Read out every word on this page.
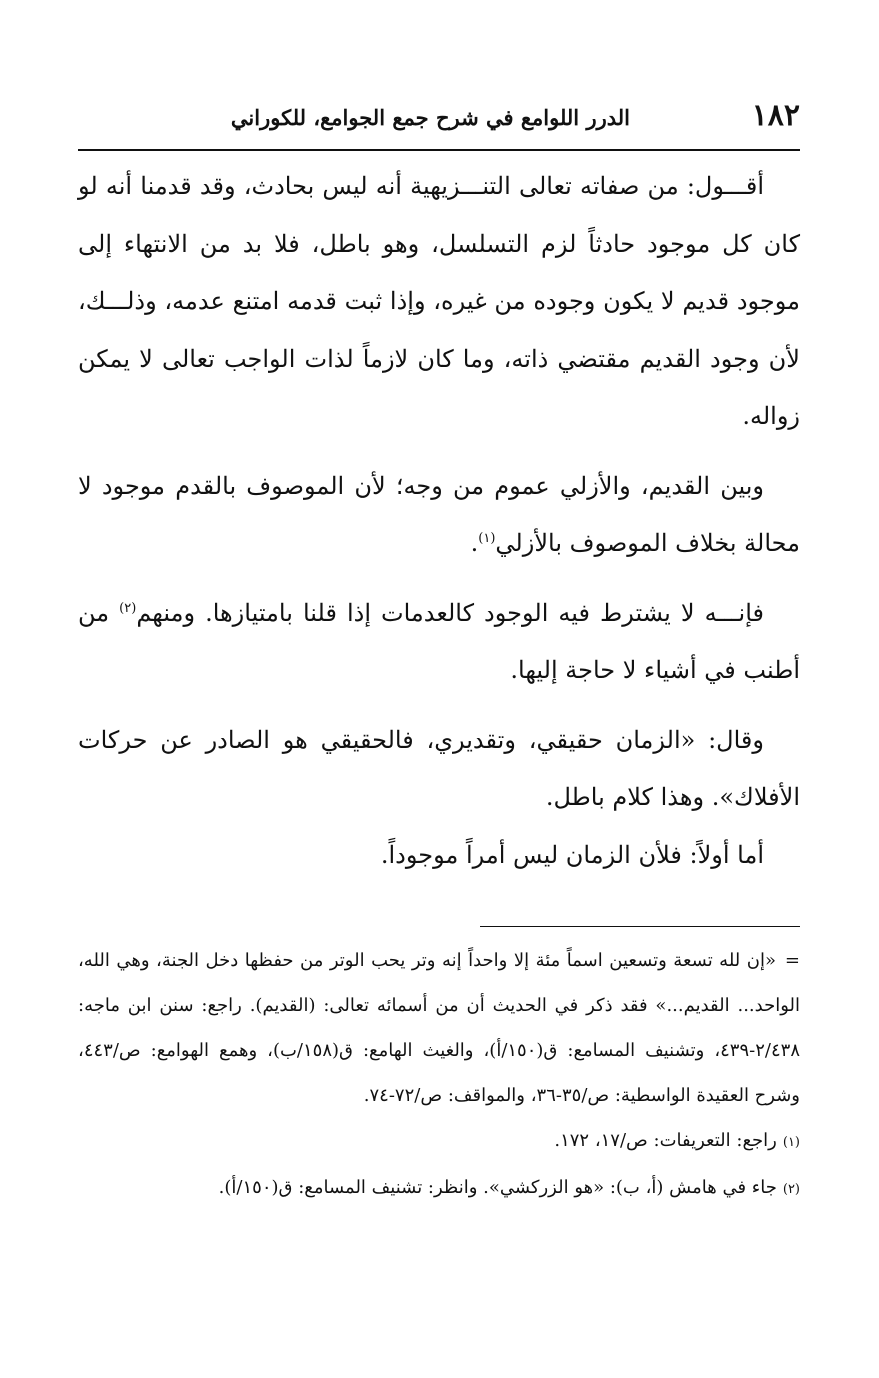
١٨٢
الدرر اللوامع في شرح جمع الجوامع، للكوراني

أقـــول: من صفاته تعالى التنـــزيهية أنه ليس بحادث، وقد قدمنا أنه لو كان كل موجود حادثاً لزم التسلسل، وهو باطل، فلا بد من الانتهاء إلى موجود قديم لا يكون وجوده من غيره، وإذا ثبت قدمه امتنع عدمه، وذلـــك، لأن وجود القديم مقتضي ذاته، وما كان لازماً لذات الواجب تعالى لا يمكن زواله.

وبين القديم، والأزلي عموم من وجه؛ لأن الموصوف بالقدم موجود لا محالة بخلاف الموصوف بالأزلي$^{(١)}$.

فإنـــه لا يشترط فيه الوجود كالعدمات إذا قلنا بامتيازها. ومنهم$^{(٢)}$ من أطنب في أشياء لا حاجة إليها.

وقال: «الزمان حقيقي، وتقديري، فالحقيقي هو الصادر عن حركات الأفلاك». وهذا كلام باطل.

أما أولاً: فلأن الزمان ليس أمراً موجوداً.

=«إن لله تسعة وتسعين اسماً مئة إلا واحداً إنه وتر يحب الوتر من حفظها دخل الجنة، وهي الله، الواحد... القديم...» فقد ذكر في الحديث أن من أسمائه تعالى: (القديم). راجع: سنن ابن ماجه: ٢/٤٣٨-٤٣٩، وتشنيف المسامع: ق(١٥٠/أ)، والغيث الهامع: ق(١٥٨/ب)، وهمع الهوامع: ص/٤٤٣، وشرح العقيدة الواسطية: ص/٣٥-٣٦، والمواقف: ص/٧٢-٧٤.

(١)راجع: التعريفات: ص/١٧، ١٧٢.

(٢)جاء في هامش (أ، ب): «هو الزركشي». وانظر: تشنيف المسامع: ق(١٥٠/أ).
